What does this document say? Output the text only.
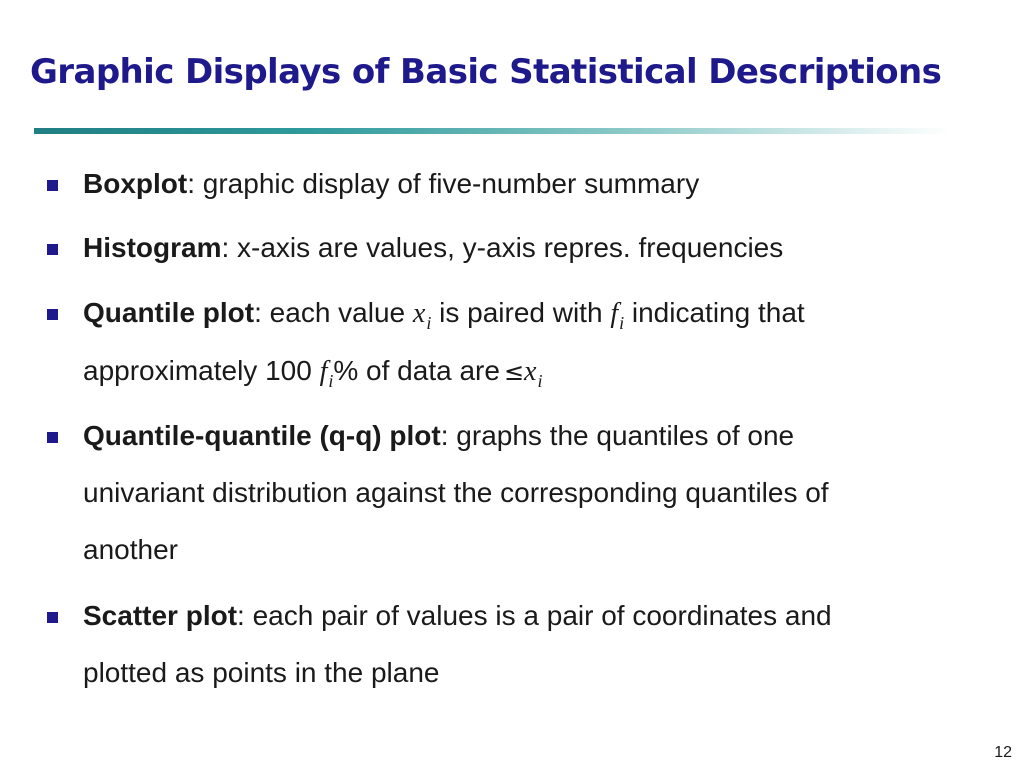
Graphic Displays of Basic Statistical Descriptions
Boxplot: graphic display of five-number summary
Histogram: x-axis are values, y-axis repres. frequencies
Quantile plot: each value $x_i$ is paired with $f_i$ indicating that
approximately 100 $f_i\%$ of data are $\le x_i$
Quantile-quantile (q-q) plot: graphs the quantiles of one
univariant distribution against the corresponding quantiles of
another
Scatter plot: each pair of values is a pair of coordinates and
plotted as points in the plane
12
